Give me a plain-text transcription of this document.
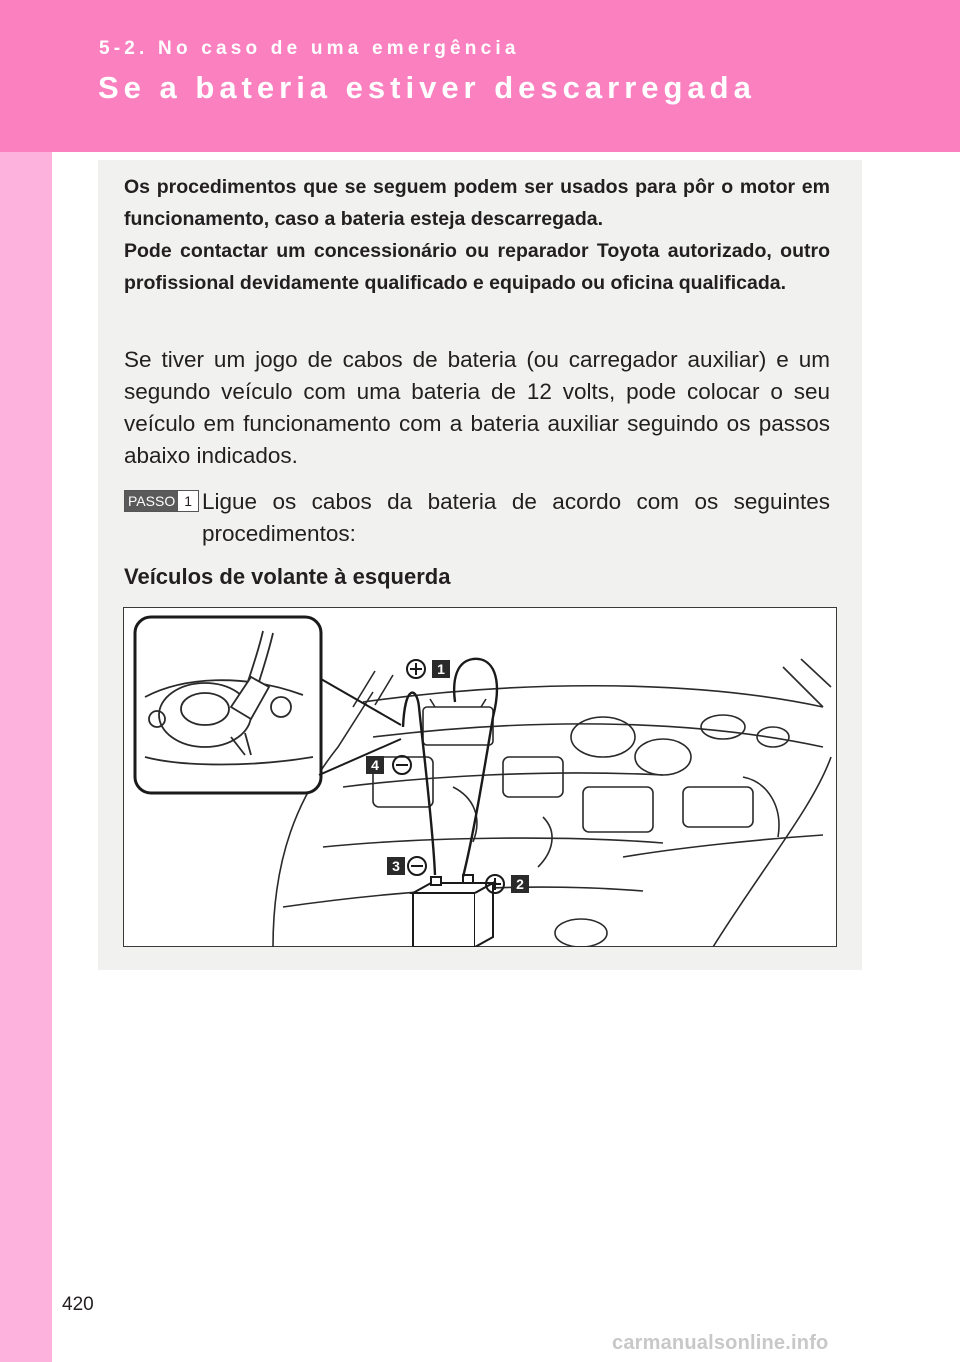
5-2. No caso de uma emergência
Se a bateria estiver descarregada

Os procedimentos que se seguem podem ser usados para pôr o motor em funcionamento, caso a bateria esteja descarregada.

Pode contactar um concessionário ou reparador Toyota autorizado, outro profissional devidamente qualificado e equipado ou oficina qualificada.

Se tiver um jogo de cabos de bateria (ou carregador auxiliar) e um segundo veículo com uma bateria de 12 volts, pode colocar o seu veículo em funcionamento com a bateria auxiliar seguindo os passos abaixo indicados.

PASSO 1 Ligue os cabos da bateria de acordo com os seguintes procedimentos:

Veículos de volante à esquerda
1
2
3
4
420
carmanualsonline.info
